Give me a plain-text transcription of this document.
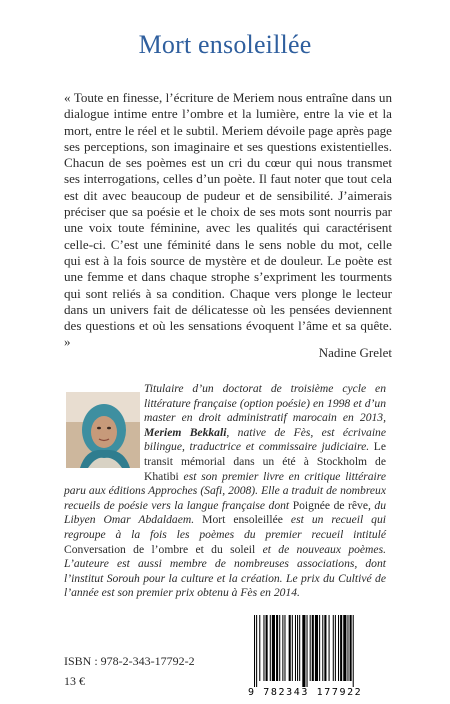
Mort ensoleillée
« Toute en finesse, l’écriture de Meriem nous entraîne dans un dialogue intime entre l’ombre et la lumière, entre la vie et la mort, entre le réel et le subtil. Meriem dévoile page après page ses perceptions, son imaginaire et ses questions existentielles. Chacun de ses poèmes est un cri du cœur qui nous transmet ses interrogations, celles d’un poète. Il faut noter que tout cela est dit avec beaucoup de pudeur et de sensibilité. J’aimerais préciser que sa poésie et le choix de ses mots sont nourris par une voix toute féminine, avec les qualités qui caractérisent celle-ci. C’est une féminité dans le sens noble du mot, celle qui est à la fois source de mystère et de douleur. Le poète est une femme et dans chaque strophe s’expriment les tourments qui sont reliés à sa condition. Chaque vers plonge le lecteur dans un univers fait de délicatesse où les pensées deviennent des questions et où les sensations évoquent l’âme et sa quête. »
Nadine Grelet
Titulaire d’un doctorat de troisième cycle en littérature française (option poésie) en 1998 et d’un master en droit administratif marocain en 2013, Meriem Bekkali, native de Fès, est écrivaine bilingue, traductrice et commissaire judiciaire. Le transit mémorial dans un été à Stockholm de Khatibi est son premier livre en critique littéraire paru aux éditions Approches (Safi, 2008). Elle a traduit de nombreux recueils de poésie vers la langue française dont Poignée de rêve, du Libyen Omar Abdaldaem. Mort ensoleillée est un recueil qui regroupe à la fois les poèmes du premier recueil intitulé Conversation de l’ombre et du soleil et de nouveaux poèmes. L’auteure est aussi membre de nombreuses associations, dont l’institut Sorouh pour la culture et la création. Le prix du Cultivé de l’année est son premier prix obtenu à Fès en 2014.
ISBN : 978-2-343-17792-2
13 €
9 782343 177922
